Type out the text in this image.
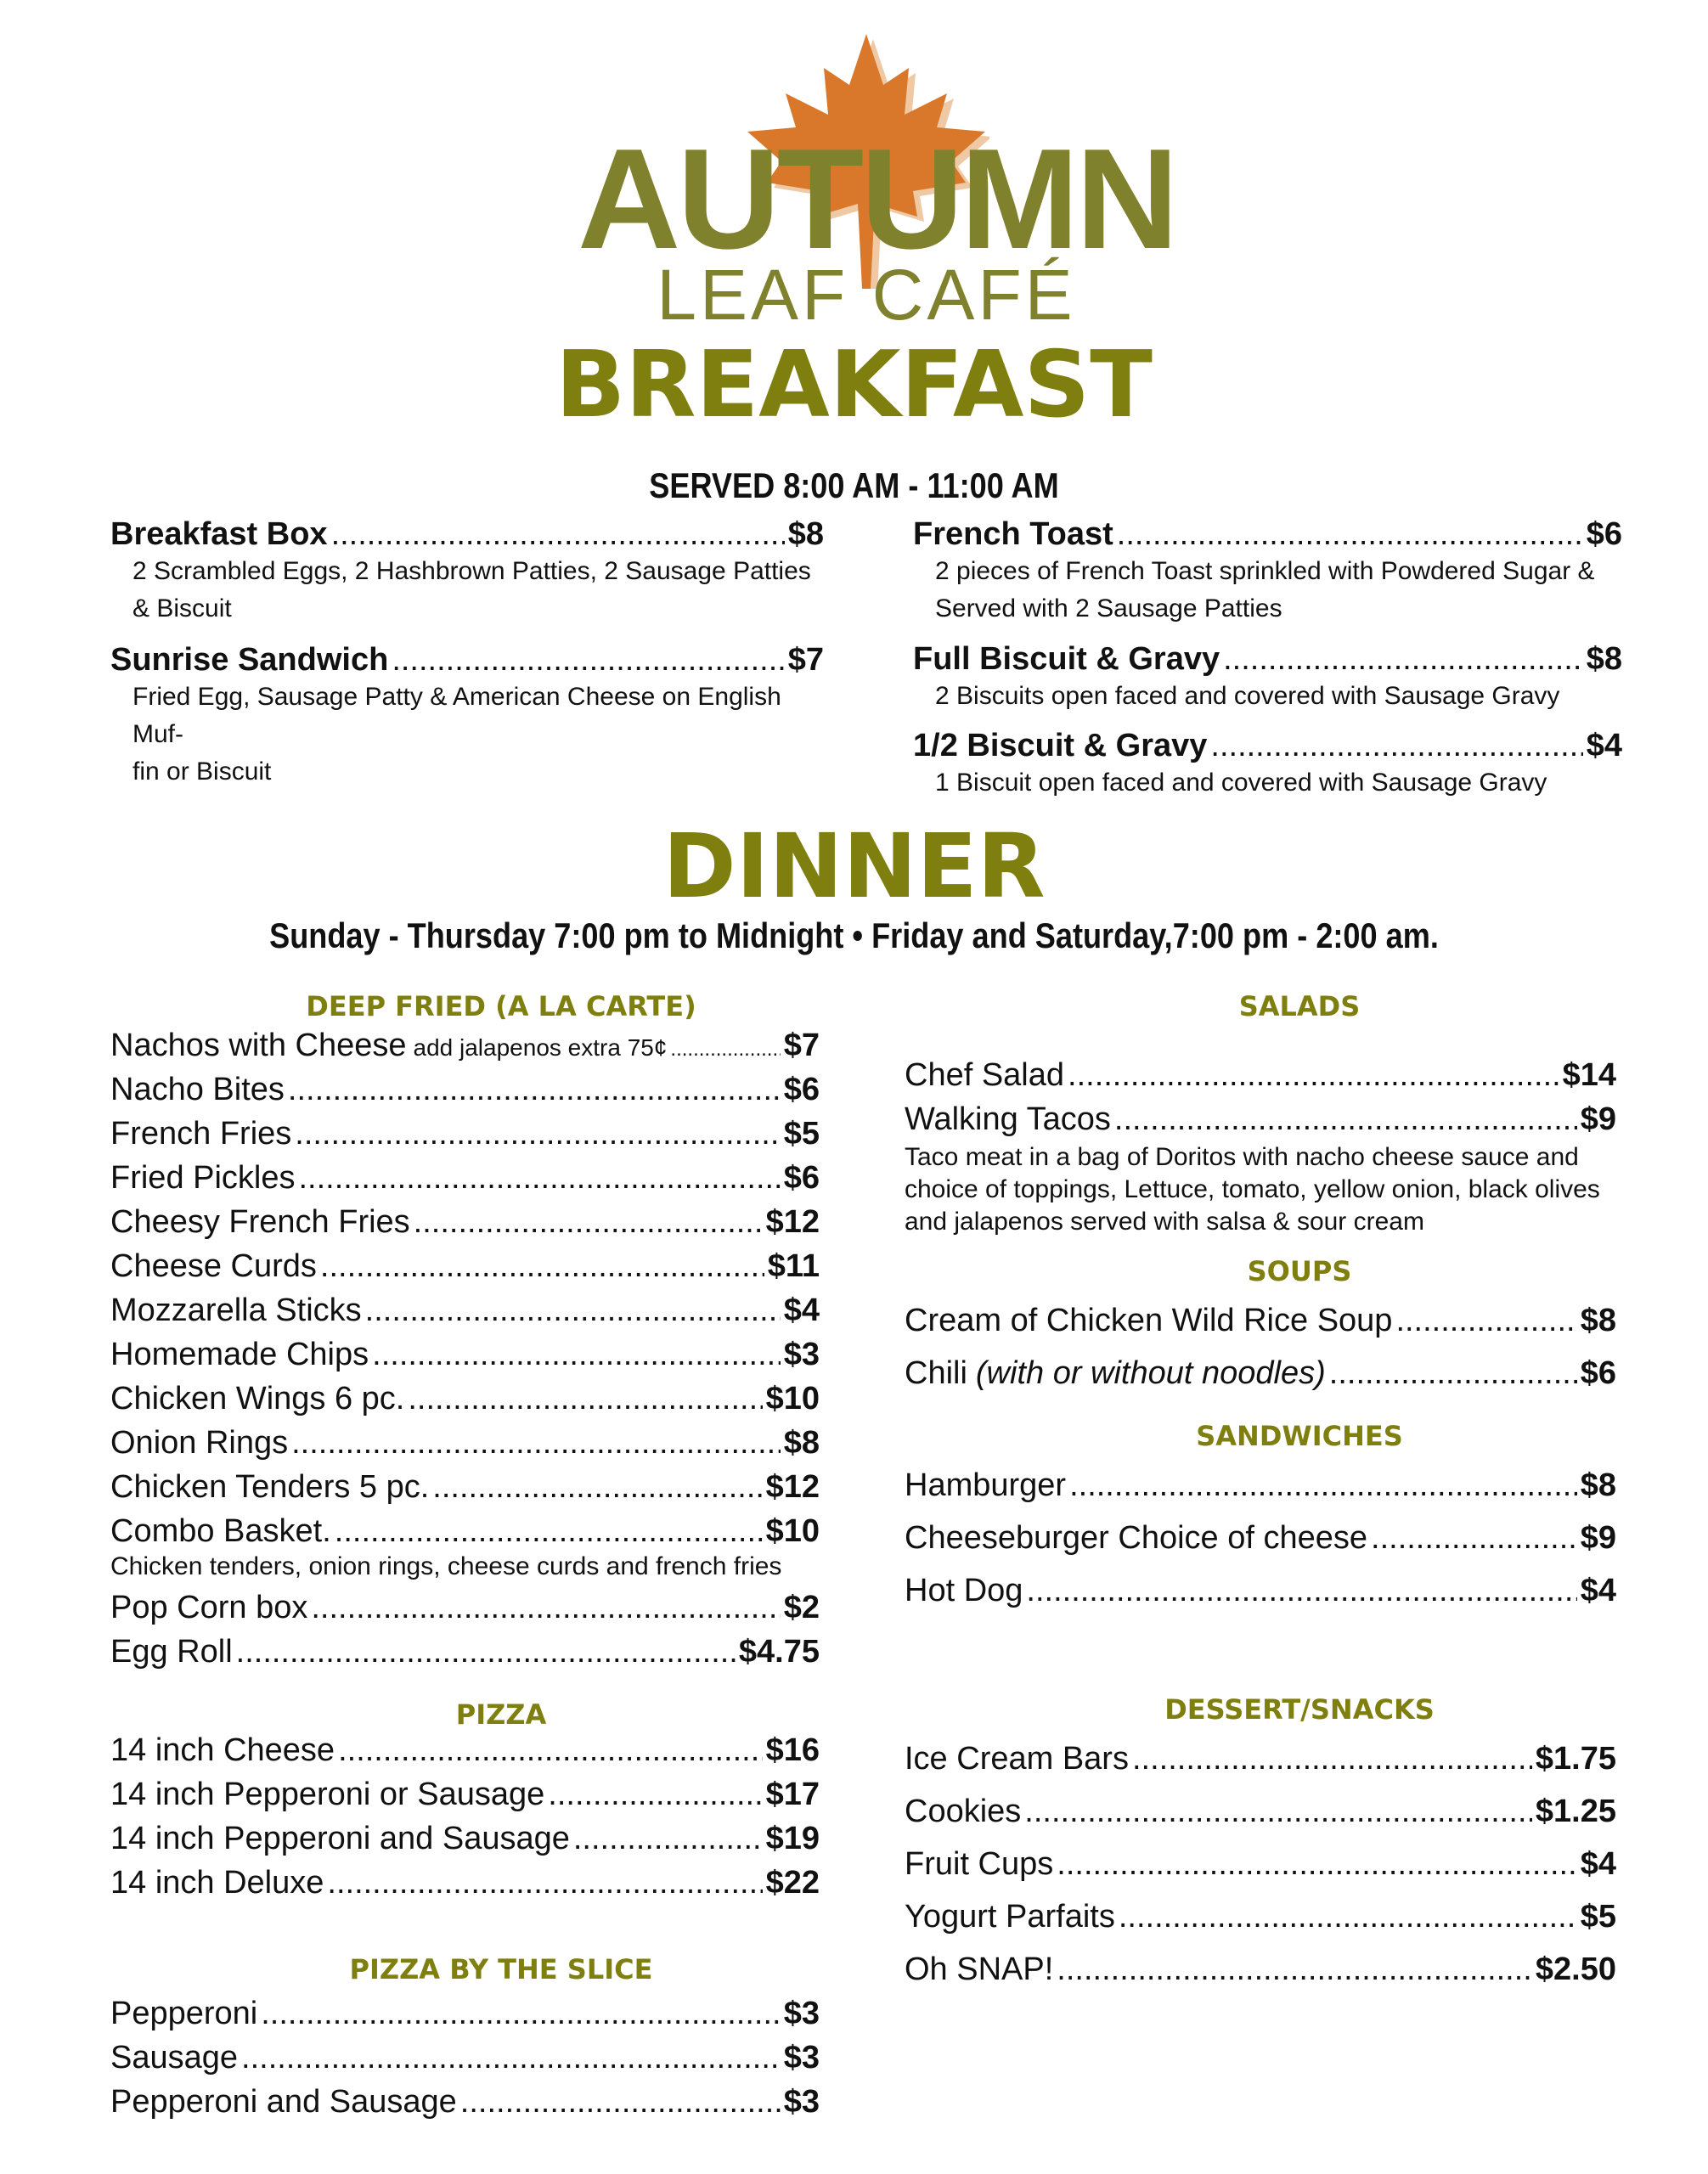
AUTUMN
LEAF CAFÉ
BREAKFAST
SERVED 8:00 AM - 11:00 AM
Breakfast Box .....	$8
2 Scrambled Eggs, 2 Hashbrown Patties, 2 Sausage Patties
& Biscuit
Sunrise Sandwich .....	$7
Fried Egg, Sausage Patty & American Cheese on English Muf-
fin or Biscuit
French Toast .....	$6
2 pieces of French Toast sprinkled with Powdered Sugar &
Served with 2 Sausage Patties
Full Biscuit & Gravy .....	$8
2 Biscuits open faced and covered with Sausage Gravy
1/2 Biscuit & Gravy .....	$4
1 Biscuit open faced and covered with Sausage Gravy
DINNER
Sunday - Thursday 7:00 pm to Midnight • Friday and Saturday,7:00 pm - 2:00 am.
DEEP FRIED (A LA CARTE)
Nachos with Cheese add jalapenos extra 75¢ .....	$7
Nacho Bites .....	$6
French Fries .....	$5
Fried Pickles .....	$6
Cheesy French Fries .....	$12
Cheese Curds .....	$11
Mozzarella Sticks .....	$4
Homemade Chips .....	$3
Chicken Wings 6 pc. .....	$10
Onion Rings .....	$8
Chicken Tenders 5 pc. .....	$12
Combo Basket. .....	$10
Chicken tenders, onion rings, cheese curds and french fries
Pop Corn box .....	$2
Egg Roll .....	$4.75
PIZZA
14 inch Cheese .....	$16
14 inch Pepperoni or Sausage .....	$17
14 inch Pepperoni and Sausage .....	$19
14 inch Deluxe .....	$22
PIZZA BY THE SLICE
Pepperoni .....	$3
Sausage .....	$3
Pepperoni and Sausage .....	$3
SALADS
Chef Salad .....	$14
Walking Tacos .....	$9
Taco meat in a bag of Doritos with nacho cheese sauce and
choice of toppings, Lettuce, tomato, yellow onion, black olives
and jalapenos served with salsa & sour cream
SOUPS
Cream of Chicken Wild Rice Soup .....	$8
Chili (with or without noodles) .....	$6
SANDWICHES
Hamburger .....	$8
Cheeseburger Choice of cheese .....	$9
Hot Dog .....	$4
DESSERT/SNACKS
Ice Cream Bars .....	$1.75
Cookies .....	$1.25
Fruit Cups .....	$4
Yogurt Parfaits .....	$5
Oh SNAP! .....	$2.50
